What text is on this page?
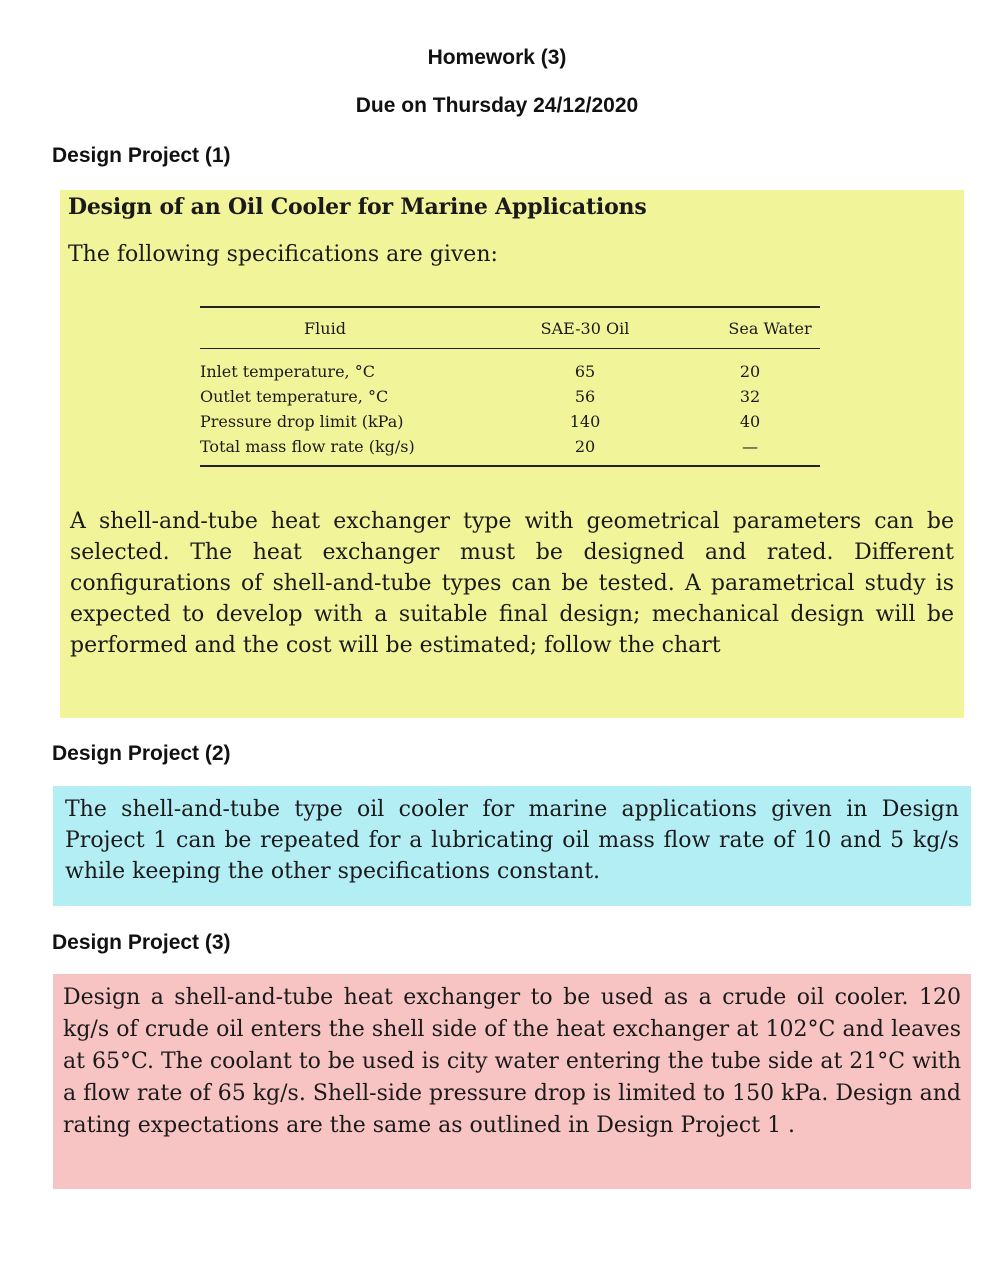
Homework (3)
Due on Thursday 24/12/2020
Design Project (1)
Design of an Oil Cooler for Marine Applications
The following specifications are given:
Fluid	SAE-30 Oil	Sea Water
Inlet temperature, °C	65	20
Outlet temperature, °C	56	32
Pressure drop limit (kPa)	140	40
Total mass flow rate (kg/s)	20	—
A shell-and-tube heat exchanger type with geometrical parameters can be selected. The heat exchanger must be designed and rated. Different configurations of shell-and-tube types can be tested. A parametrical study is expected to develop with a suitable final design; mechanical design will be performed and the cost will be estimated; follow the chart
Design Project (2)
The shell-and-tube type oil cooler for marine applications given in Design Project 1 can be repeated for a lubricating oil mass flow rate of 10 and 5 kg/s while keeping the other specifications constant.
Design Project (3)
Design a shell-and-tube heat exchanger to be used as a crude oil cooler. 120 kg/s of crude oil enters the shell side of the heat exchanger at 102°C and leaves at 65°C. The coolant to be used is city water entering the tube side at 21°C with a flow rate of 65 kg/s. Shell-side pressure drop is limited to 150 kPa. Design and rating expectations are the same as outlined in Design Project 1 .
